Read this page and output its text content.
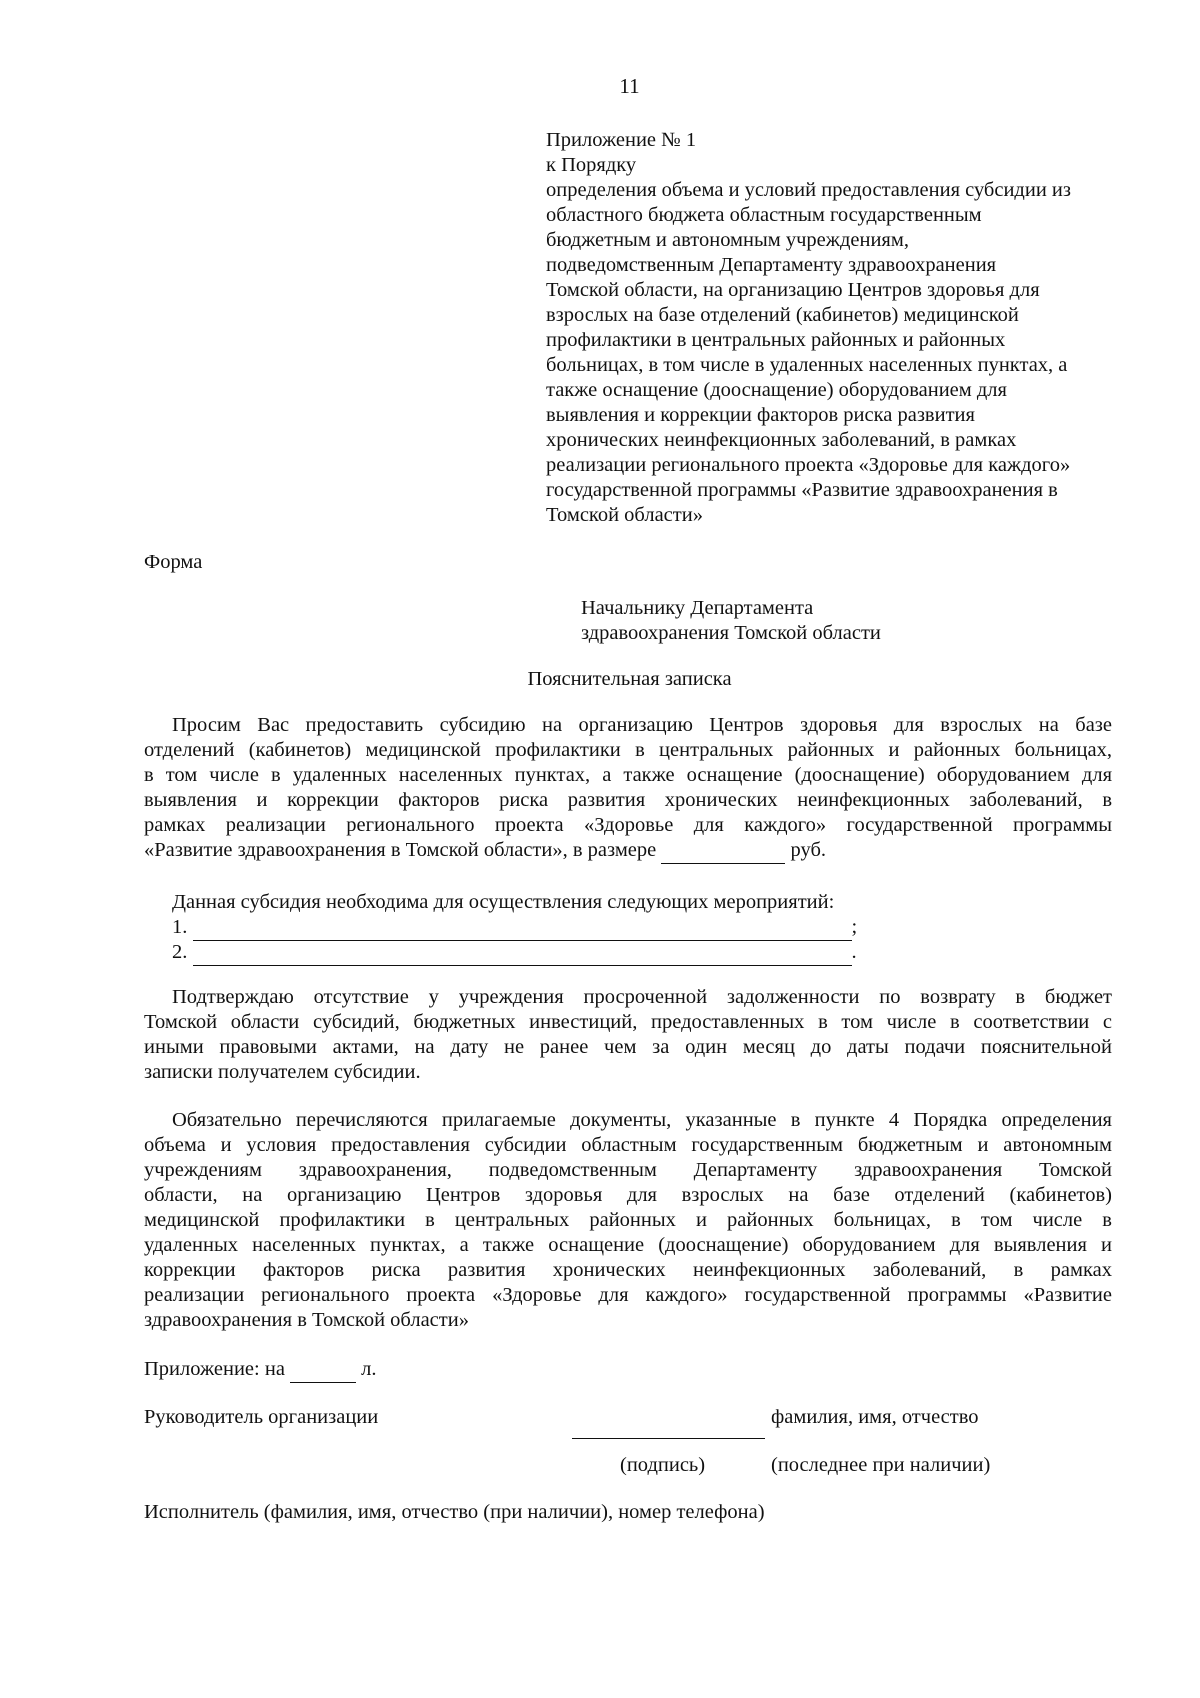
11
Приложение № 1
к Порядку
определения объема и условий предоставления субсидии из
областного бюджета областным государственным
бюджетным и автономным учреждениям,
подведомственным Департаменту здравоохранения
Томской области, на организацию Центров здоровья для
взрослых на базе отделений (кабинетов) медицинской
профилактики в центральных районных и районных
больницах, в том числе в удаленных населенных пунктах, а
также оснащение (дооснащение) оборудованием для
выявления и коррекции факторов риска развития
хронических неинфекционных заболеваний, в рамках
реализации регионального проекта «Здоровье для каждого»
государственной программы «Развитие здравоохранения в
Томской области»
Форма
Начальнику Департамента
здравоохранения Томской области
Пояснительная записка
Просим Вас предоставить субсидию на организацию Центров здоровья для взрослых на базе
отделений (кабинетов) медицинской профилактики в центральных районных и районных больницах,
в том числе в удаленных населенных пунктах, а также оснащение (дооснащение) оборудованием для
выявления и коррекции факторов риска развития хронических неинфекционных заболеваний, в
рамках реализации регионального проекта «Здоровье для каждого» государственной программы
«Развитие здравоохранения в Томской области», в размере	руб.
Данная субсидия необходима для осуществления следующих мероприятий:
1.	;
2.	.
Подтверждаю отсутствие у учреждения просроченной задолженности по возврату в бюджет
Томской области субсидий, бюджетных инвестиций, предоставленных в том числе в соответствии с
иными правовыми актами, на дату не ранее чем за один месяц до даты подачи пояснительной
записки получателем субсидии.
Обязательно перечисляются прилагаемые документы, указанные в пункте 4 Порядка определения
объема и условия предоставления субсидии областным государственным бюджетным и автономным
учреждениям здравоохранения, подведомственным Департаменту здравоохранения Томской
области, на организацию Центров здоровья для взрослых на базе отделений (кабинетов)
медицинской профилактики в центральных районных и районных больницах, в том числе в
удаленных населенных пунктах, а также оснащение (дооснащение) оборудованием для выявления и
коррекции факторов риска развития хронических неинфекционных заболеваний, в рамках
реализации регионального проекта «Здоровье для каждого» государственной программы «Развитие
здравоохранения в Томской области»
Приложение: на	л.
Руководитель организации	фамилия, имя, отчество
(подпись)	(последнее при наличии)
Исполнитель (фамилия, имя, отчество (при наличии), номер телефона)
